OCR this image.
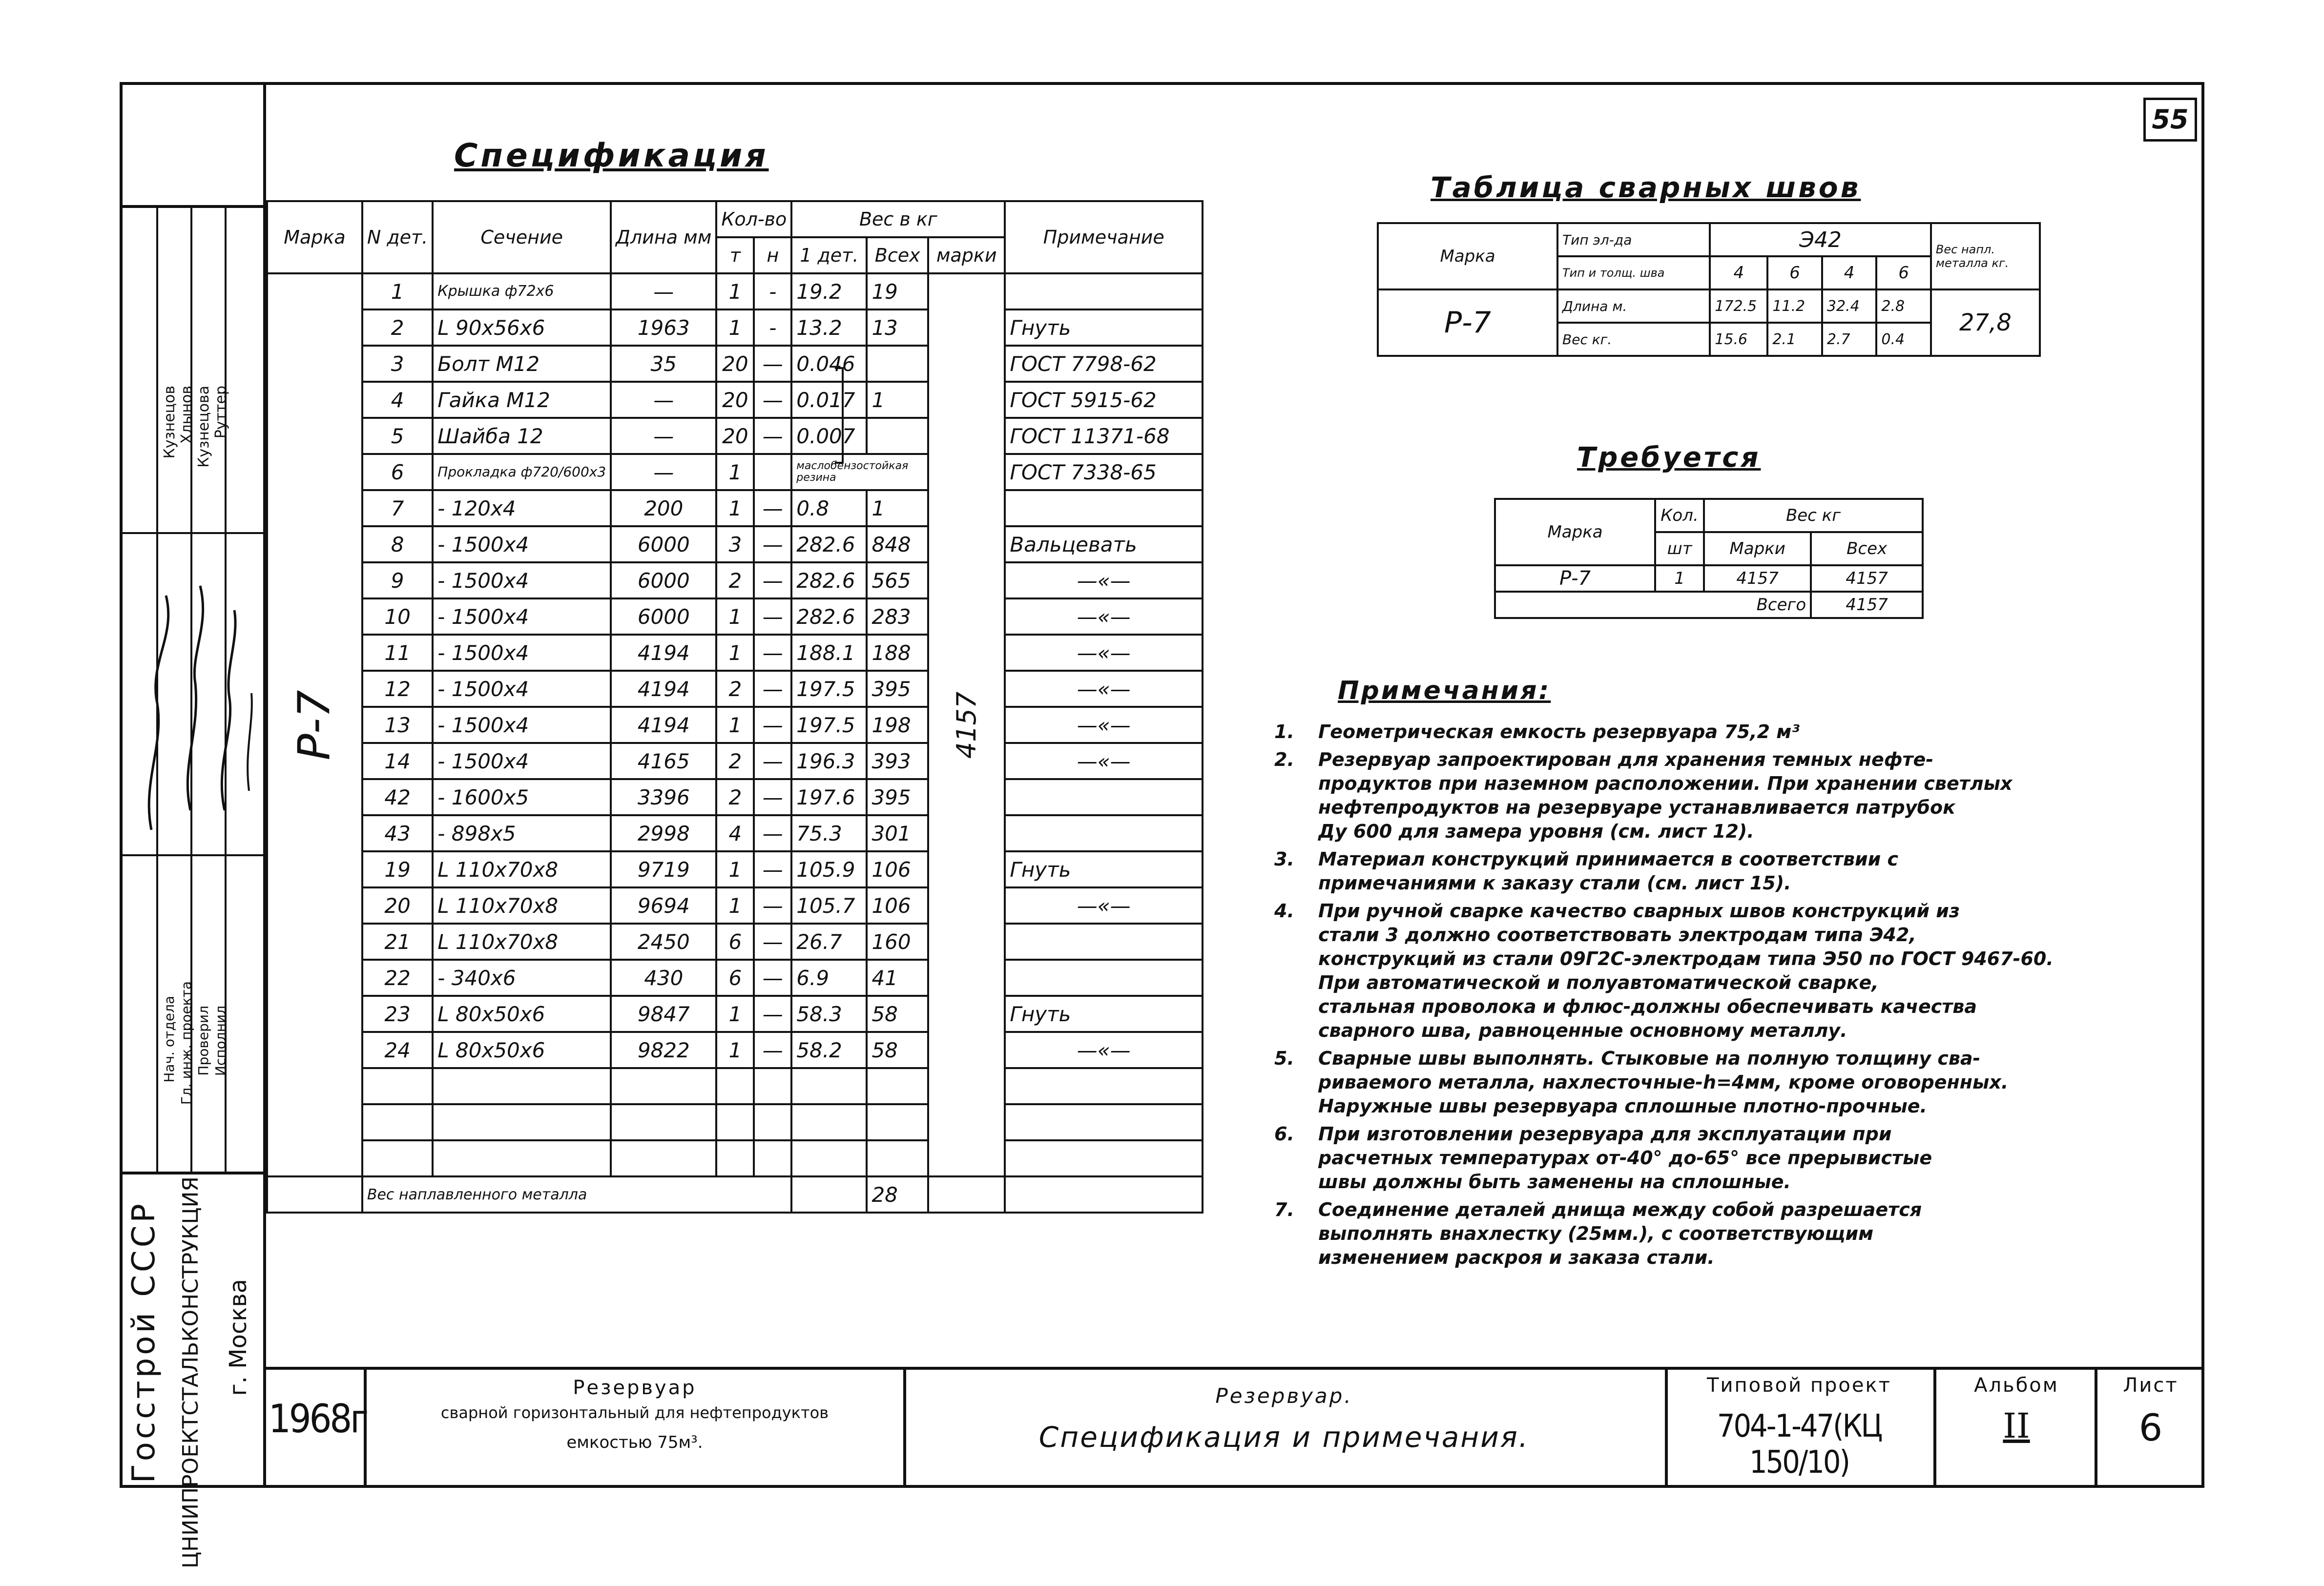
Кузнецов Хлынов Кузнецова Руттер
Нач. отдела Гл. инж. проекта Проверил Исполнил
Госстрой СССР ЦНИИПРОЕКТСТАЛЬКОНСТРУКЦИЯ г. Москва
55
Спецификация
Марка	N дет.	Сечение	Длина мм	Кол-во		Вес в кг			Примечание
				т	н	1 дет.	Всех	марки	
Р-7	1	Крышка ф72х6	—	1	-	19.2	19	4157	
	2	L 90x56x6	1963	1	-	13.2	13		Гнуть
	3	Болт М12	35	20	—	0.046			ГОСТ 7798-62
	4	Гайка М12	—	20	—	0.017	1		ГОСТ 5915-62
	5	Шайба 12	—	20	—	0.007			ГОСТ 11371-68
	6	Прокладка ф720/600х3	—	1		маслобензостойкая резина			ГОСТ 7338-65
	7	- 120x4	200	1	—	0.8	1		
	8	- 1500x4	6000	3	—	282.6	848		Вальцевать
	9	- 1500x4	6000	2	—	282.6	565		—«—
	10	- 1500x4	6000	1	—	282.6	283		—«—
	11	- 1500x4	4194	1	—	188.1	188		—«—
	12	- 1500x4	4194	2	—	197.5	395		—«—
	13	- 1500x4	4194	1	—	197.5	198		—«—
	14	- 1500x4	4165	2	—	196.3	393		—«—
	42	- 1600x5	3396	2	—	197.6	395		
	43	- 898x5	2998	4	—	75.3	301		
	19	L 110x70x8	9719	1	—	105.9	106		Гнуть
	20	L 110x70x8	9694	1	—	105.7	106		—«—
	21	L 110x70x8	2450	6	—	26.7	160		
	22	- 340x6	430	6	—	6.9	41		
	23	L 80x50x6	9847	1	—	58.3	58		Гнуть
	24	L 80x50x6	9822	1	—	58.2	58		—«—

	Вес наплавленного металла						28		
Таблица сварных швов
Марка	Тип эл-да	Э42				Вес напл. металла кг.
	Тип и толщ. шва	4	6	4	6	
Р-7	Длина м.	172.5	11.2	32.4	2.8	27,8
	Вес кг.	15.6	2.1	2.7	0.4	
Требуется
Марка	Кол.	Вес кг	
	шт	Марки	Всех
Р-7	1	4157	4157
Всего			4157
Примечания:
1.	Геометрическая емкость резервуара 75,2 м³
2.	Резервуар запроектирован для хранения темных нефте-
продуктов при наземном расположении. При хранении светлых
нефтепродуктов на резервуаре устанавливается патрубок
Ду 600 для замера уровня (см. лист 12).
3.	Материал конструкций принимается в соответствии с
примечаниями к заказу стали (см. лист 15).
4.	При ручной сварке качество сварных швов конструкций из
стали 3 должно соответствовать электродам типа Э42,
конструкций из стали 09Г2С-электродам типа Э50 по ГОСТ 9467-60.
При автоматической и полуавтоматической сварке,
стальная проволока и флюс-должны обеспечивать качества
сварного шва, равноценные основному металлу.
5.	Сварные швы выполнять. Стыковые на полную толщину сва-
риваемого металла, нахлесточные-h=4мм, кроме оговоренных.
Наружные швы резервуара сплошные плотно-прочные.
6.	При изготовлении резервуара для эксплуатации при
расчетных температурах от-40° до-65° все прерывистые
швы должны быть заменены на сплошные.
7.	Соединение деталей днища между собой разрешается
выполнять внахлестку (25мм.), с соответствующим
изменением раскроя и заказа стали.
1968г
Резервуар
сварной горизонтальный для нефтепродуктов
емкостью 75м³.
Резервуар.
Спецификация и примечания.
Типовой проект
704-1-47(КЦ 150/10)
Альбом
II
Лист
6
